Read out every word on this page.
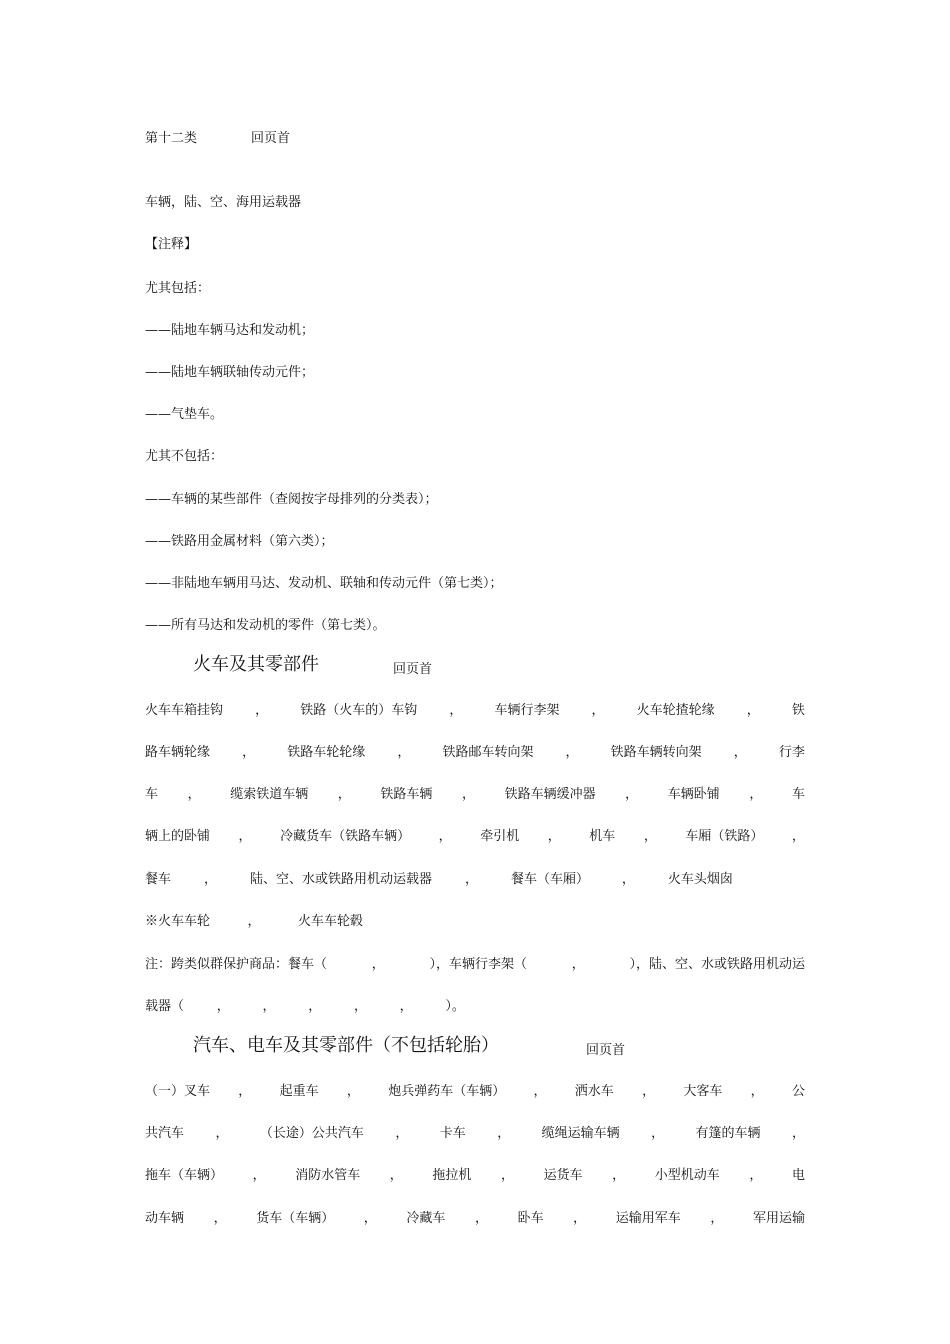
第十二类	回页首
车辆，陆、空、海用运载器
【注释】
尤其包括：
——陆地车辆马达和发动机；
——陆地车辆联轴传动元件；
——气垫车。
尤其不包括：
——车辆的某些部件（查阅按字母排列的分类表）；
——铁路用金属材料（第六类）；
——非陆地车辆用马达、发动机、联轴和传动元件（第七类）；
——所有马达和发动机的零件（第七类）。
火车及其零部件	回页首
火车车箱挂钩 ， 铁路（火车的）车钩 ， 车辆行李架 ， 火车轮揸轮缘 ， 铁
路车辆轮缘 ， 铁路车轮轮缘 ， 铁路邮车转向架 ， 铁路车辆转向架 ， 行李
车 ， 缆索铁道车辆 ， 铁路车辆 ， 铁路车辆缓冲器 ， 车辆卧铺 ， 车
辆上的卧铺 ， 冷藏货车（铁路车辆） ， 牵引机 ， 机车 ， 车厢（铁路） ，
餐车	，	陆、空、水或铁路用机动运载器	，	餐车（车厢）	，	火车头烟囱
※火车车轮	，	火车车轮毂
注：跨类似群保护商品：餐车（	，	），车辆行李架（	，	），陆、空、水或铁路用机动运
载器（	，	，	，	，	，	）。
汽车、电车及其零部件（不包括轮胎）	回页首
（一）叉车 ， 起重车 ， 炮兵弹药车（车辆） ， 洒水车 ， 大客车 ， 公
共汽车 ， （长途）公共汽车 ， 卡车 ， 缆绳运输车辆 ， 有篷的车辆 ，
拖车（车辆） ， 消防水管车 ， 拖拉机 ， 运货车 ， 小型机动车 ， 电
动车辆 ， 货车（车辆） ， 冷藏车 ， 卧车 ， 运输用军车 ， 军用运输
